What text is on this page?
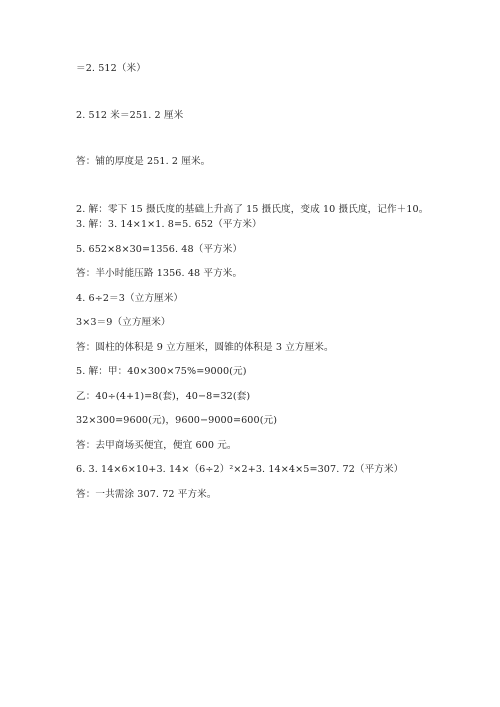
＝2. 512（米）
2. 512 米＝251. 2 厘米
答：铺的厚度是 251. 2 厘米。
2. 解：零下 15 摄氏度的基础上升高了 15 摄氏度，变成 10 摄氏度，记作＋10。
3. 解：3. 14×1×1. 8=5. 652（平方米）
5. 652×8×30=1356. 48（平方米）
答：半小时能压路 1356. 48 平方米。
4. 6÷2＝3（立方厘米）
3×3＝9（立方厘米）
答：圆柱的体积是 9 立方厘米，圆锥的体积是 3 立方厘米。
5. 解：甲：40×300×75%=9000(元)
乙：40÷(4+1)=8(套)，40−8=32(套)
32×300=9600(元)，9600−9000=600(元)
答：去甲商场买便宜，便宜 600 元。
6. 3. 14×6×10+3. 14×（6÷2）²×2+3. 14×4×5=307. 72（平方米）
答：一共需涂 307. 72 平方米。
